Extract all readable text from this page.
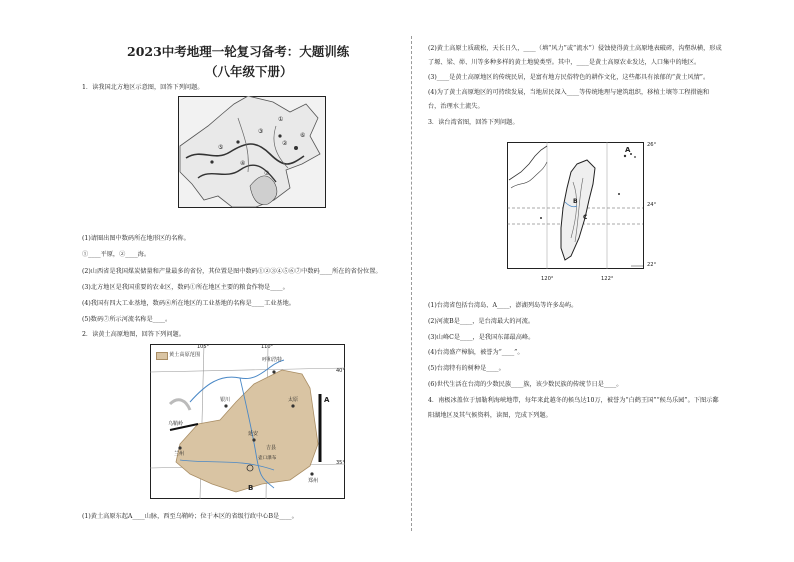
2023中考地理一轮复习备考：大题训练
（八年级下册）
1．读我国北方地区示意图，回答下列问题。
①
②
③
④
⑤
⑥
⑦
(1)请圈出图中数码所在地形区的名称。
①____平原，②____海。
(2)山西省是我国煤炭储量和产量最多的省份，其位置是图中数码①②③④⑤⑥⑦中数码____所在的省份位置。
(3)北方地区是我国重要的农业区，数码①所在地区主要的粮食作物是____。
(4)我国有四大工业基地，数码⑥所在地区的工业基地的名称是____工业基地。
(5)数码⑦所示河流名称是____。
2．读黄土高原地图，回答下列问题。
黄土高原范围
105°	110°
40°
35°
呼和浩特
银川	太原
乌鞘岭
兰州
延安
吉县
壶口瀑布
郑州
A
B
(1)黄土高原东起A____山脉，西至乌鞘岭；位于本区的省级行政中心B是____。
(2)黄土高原土质疏松，天长日久，____（填“风力”或“流水”）侵蚀使得黄土高原地表破碎，沟壑纵横，形成
了塬、梁、峁、川等多种多样的黄土地貌类型。其中，____是黄土高原农业发达，人口集中的地区。
(3)____是黄土高原地区的传统民居，是富有地方民俗特色的耕作文化，这些都具有浓郁的“黄土风情”。
(4)为了黄土高原地区的可持续发展，当地居民深入____等传统地理与建筑组织，移植土壤等工程措施和
台，治理水土流失。
3．读台湾省图，回答下列问题。
26°
24°
22°
120°	122°
A
B
C
(1)台湾省包括台湾岛、A____，澎湖列岛等许多岛屿。
(2)河流B是____，是台湾最大的河流。
(3)山峰C是____，是我国东部最高峰。
(4)台湾盛产樟脑，被誉为“____”。
(5)台湾特有的树种是____。
(6)世代生活在台湾的少数民族____族，该少数民族的传统节日是____。
4．南极冰盖位于加勒利海峡地带，每年来此越冬的候鸟达10万，被誉为“白鹤王国”“候鸟乐园”。下图示鄱
阳湖地区及其气候资料，读图，完成下列题。
